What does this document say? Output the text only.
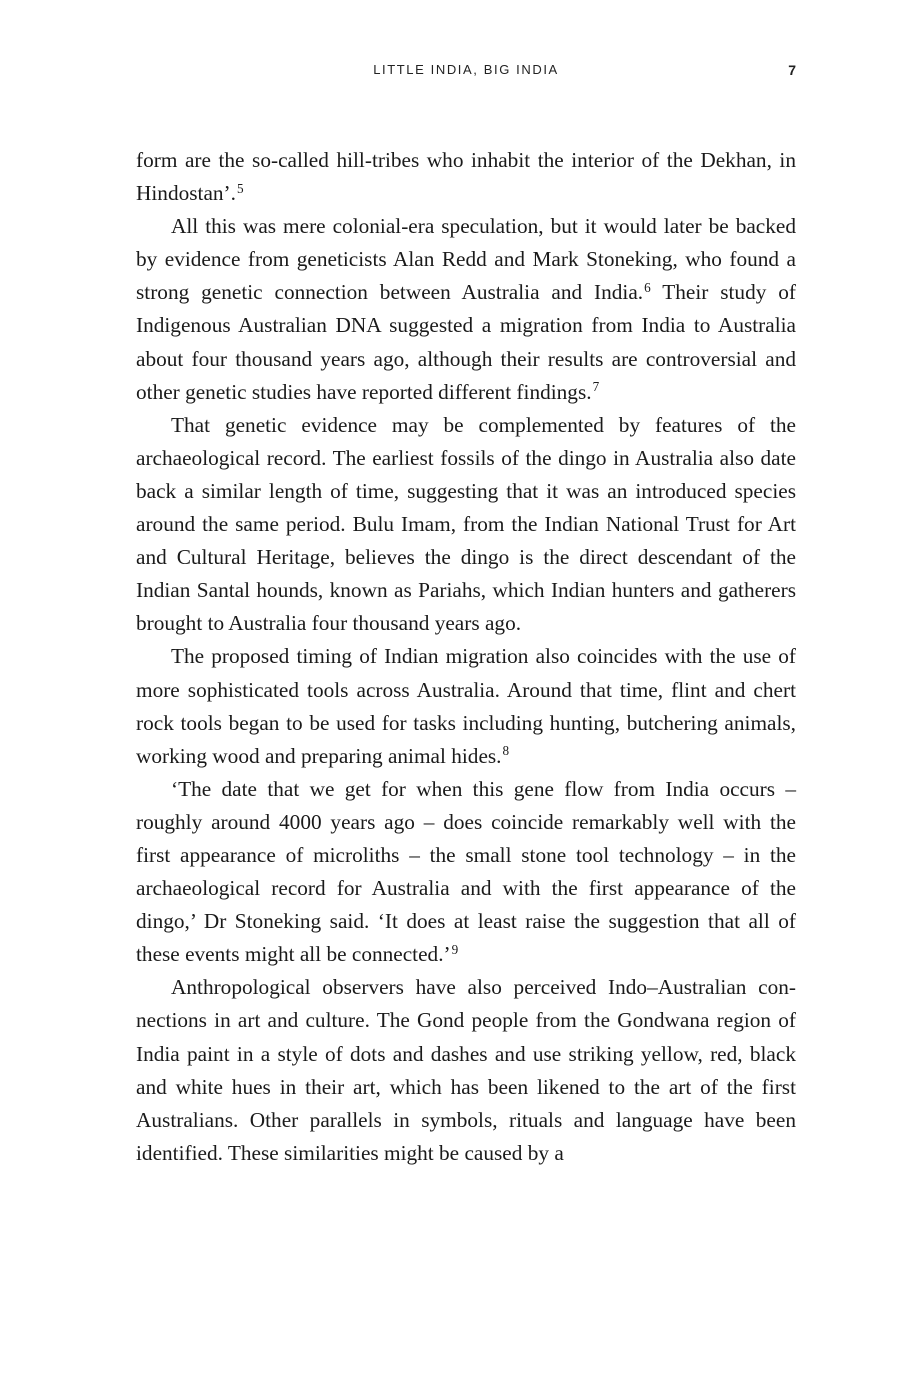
LITTLE INDIA, BIG INDIA	7

form are the so-called hill-tribes who inhabit the interior of the Dekhan, in Hindostan’.$^5$

All this was mere colonial-era speculation, but it would later be backed by evidence from geneticists Alan Redd and Mark Stoneking, who found a strong genetic connection between Australia and India.$^6$ Their study of Indigenous Australian DNA suggested a migration from India to Australia about four thousand years ago, although their results are controversial and other genetic studies have reported different findings.$^7$

That genetic evidence may be complemented by features of the archaeological record. The earliest fossils of the dingo in Australia also date back a similar length of time, suggesting that it was an introduced species around the same period. Bulu Imam, from the Indian National Trust for Art and Cultural Heritage, believes the dingo is the direct descendant of the Indian Santal hounds, known as Pariahs, which Indian hunters and gatherers brought to Australia four thousand years ago.

The proposed timing of Indian migration also coincides with the use of more sophisticated tools across Australia. Around that time, flint and chert rock tools began to be used for tasks including hunting, butchering animals, working wood and preparing animal hides.$^8$

‘The date that we get for when this gene flow from India occurs – roughly around 4000 years ago – does coincide remarkably well with the first appearance of microliths – the small stone tool technology – in the archaeological record for Australia and with the first appearance of the dingo,’ Dr Stoneking said. ‘It does at least raise the suggestion that all of these events might all be connected.’$^9$

Anthropological observers have also perceived Indo–Australian connections in art and culture. The Gond people from the Gondwana region of India paint in a style of dots and dashes and use striking yellow, red, black and white hues in their art, which has been likened to the art of the first Australians. Other parallels in symbols, rituals and language have been identified. These similarities might be caused by a
